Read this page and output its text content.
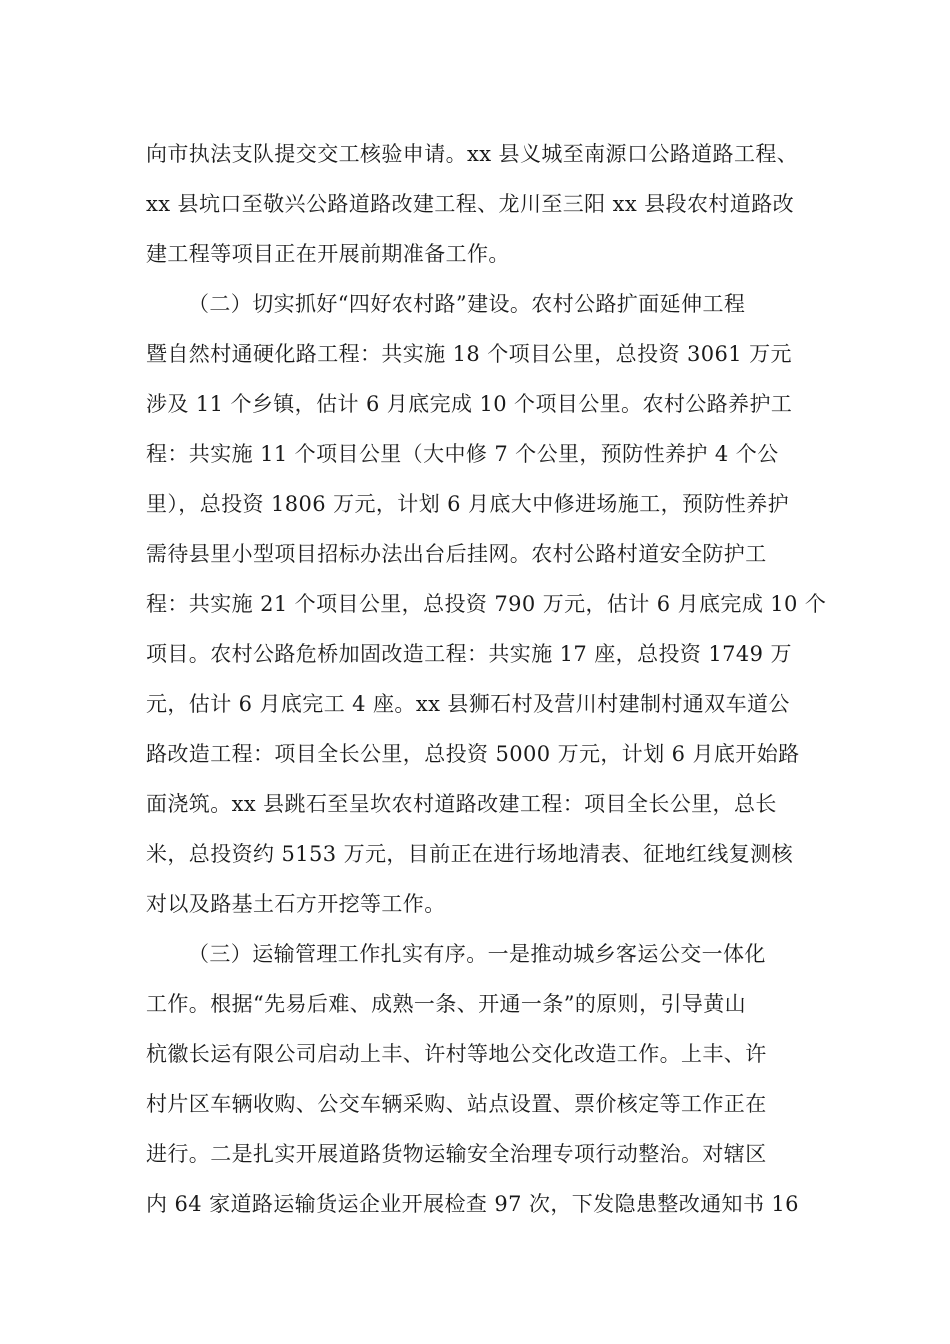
向市执法支队提交交工核验申请。xx 县义城至南源口公路道路工程、
xx 县坑口至敬兴公路道路改建工程、龙川至三阳 xx 县段农村道路改
建工程等项目正在开展前期准备工作。
（二）切实抓好“四好农村路”建设。农村公路扩面延伸工程
暨自然村通硬化路工程：共实施 18 个项目公里，总投资 3061 万元
涉及 11 个乡镇，估计 6 月底完成 10 个项目公里。农村公路养护工
程：共实施 11 个项目公里（大中修 7 个公里，预防性养护 4 个公
里），总投资 1806 万元，计划 6 月底大中修进场施工，预防性养护
需待县里小型项目招标办法出台后挂网。农村公路村道安全防护工
程：共实施 21 个项目公里，总投资 790 万元，估计 6 月底完成 10 个
项目。农村公路危桥加固改造工程：共实施 17 座，总投资 1749 万
元，估计 6 月底完工 4 座。xx 县狮石村及营川村建制村通双车道公
路改造工程：项目全长公里，总投资 5000 万元，计划 6 月底开始路
面浇筑。xx 县跳石至呈坎农村道路改建工程：项目全长公里，总长
米，总投资约 5153 万元，目前正在进行场地清表、征地红线复测核
对以及路基土石方开挖等工作。
（三）运输管理工作扎实有序。一是推动城乡客运公交一体化
工作。根据“先易后难、成熟一条、开通一条”的原则，引导黄山
杭徽长运有限公司启动上丰、许村等地公交化改造工作。上丰、许
村片区车辆收购、公交车辆采购、站点设置、票价核定等工作正在
进行。二是扎实开展道路货物运输安全治理专项行动整治。对辖区
内 64 家道路运输货运企业开展检查 97 次，下发隐患整改通知书 16
